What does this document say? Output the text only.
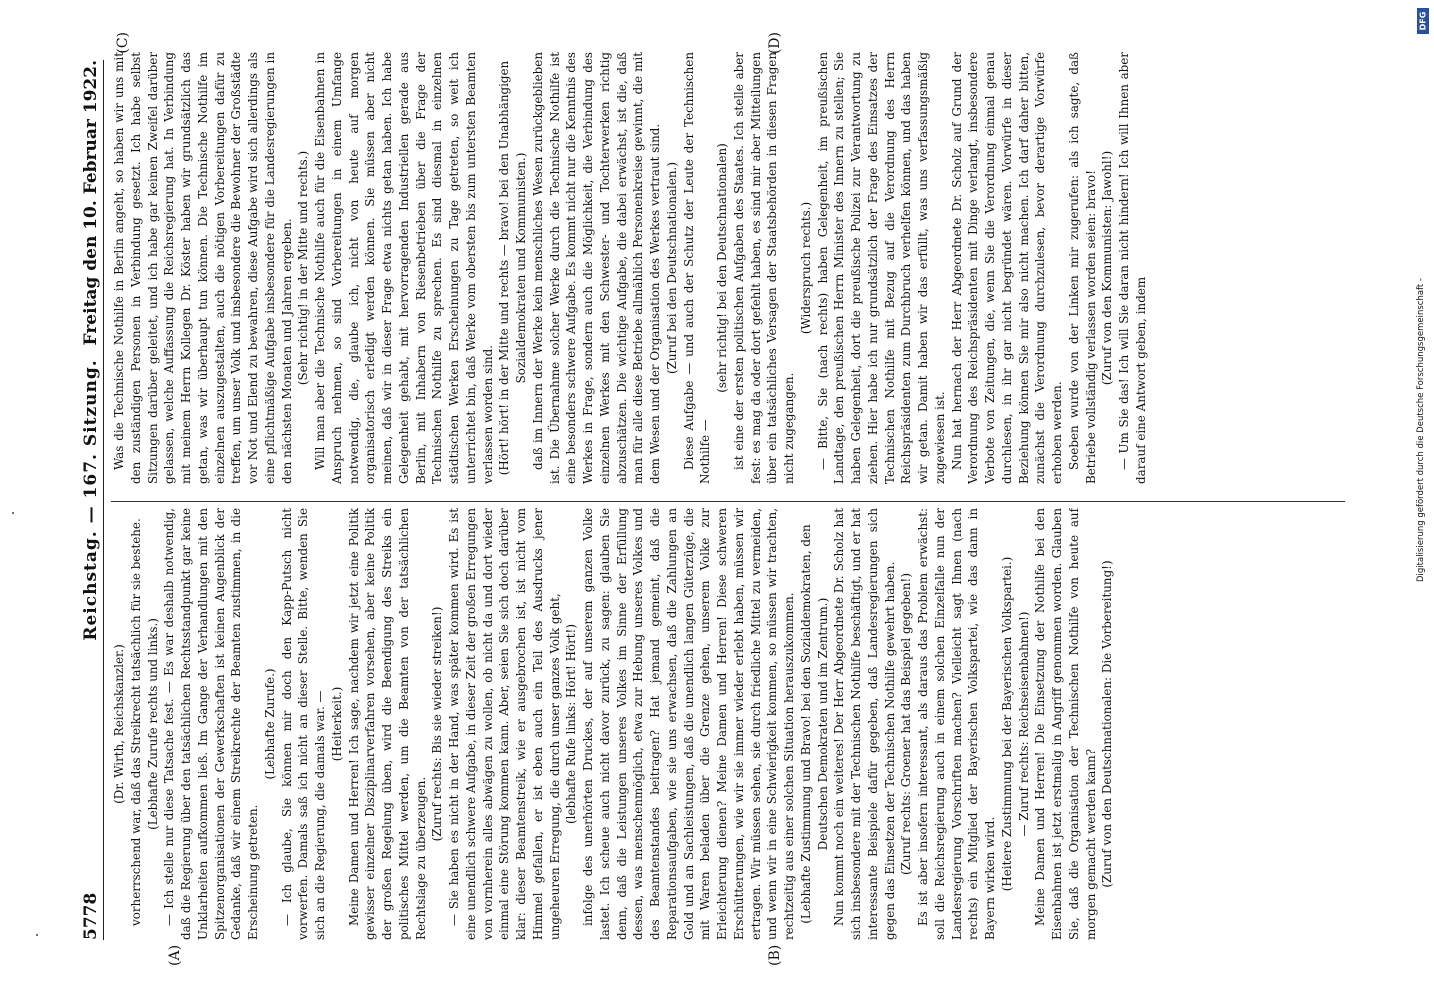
5778
Reichstag. — 167. Sitzung.
Freitag den 10. Februar 1922.
(A)	(B)
(C)	(D)

(Dr. Wirth, Reichskanzler.) vorherrschend war, daß das Streikrecht tatsächlich für sie bestehe. (Lebhafte Zurufe rechts und links.) — Ich stelle nur diese Tatsache fest. — Es war deshalb notwendig, daß die Regierung über den tatsächlichen Rechtsstandpunkt gar keine Unklarheiten aufkommen ließ. Im Gange der Verhandlungen mit den Spitzenorganisationen der Gewerkschaften ist keinen Augenblick der Gedanke, daß wir einem Streikrechte der Beamten zustimmen, in die Erscheinung getreten.

(Lebhafte Zurufe.) — Ich glaube, Sie können mir doch den Kapp-Putsch nicht vorwerfen. Damals saß ich nicht an dieser Stelle. Bitte, wenden Sie sich an die Regierung, die damals war. — (Heiterkeit.) Meine Damen und Herren! Ich sage, nachdem wir jetzt eine Politik gewisser einzelner Disziplinarverfahren vorsehen, aber keine Politik der großen Regelung üben, wird die Beendigung des Streiks ein politisches Mittel werden, um die Beamten von der tatsächlichen Rechtslage zu überzeugen.

(Zuruf rechts: Bis sie wieder streiken!) — Sie haben es nicht in der Hand, was später kommen wird. Es ist eine unendlich schwere Aufgabe, in dieser Zeit der großen Erregungen von vornherein alles abwägen zu wollen, ob nicht da und dort wieder einmal eine Störung kommen kann. Aber, seien Sie sich doch darüber klar: dieser Beamtenstreik, wie er ausgebrochen ist, ist nicht vom Himmel gefallen, er ist eben auch ein Teil des Ausdrucks jener ungeheuren Erregung, die durch unser ganzes Volk geht, (lebhafte Rufe links: Hört! Hört!) infolge des unerhörten Druckes, der auf unserem ganzen Volke lastet. Ich scheue auch nicht davor zurück, zu sagen: glauben Sie denn, daß die Leistungen unseres Volkes im Sinne der Erfüllung dessen, was menschenmöglich, etwa zur Hebung unseres Volkes und des Beamtenstandes beitragen? Hat jemand gemeint, daß die Reparationsaufgaben, wie sie uns erwachsen, daß die Zahlungen an Gold und an Sachleistungen, daß die unendlich langen Güterzüge, die mit Waren beladen über die Grenze gehen, unserem Volke zur Erleichterung dienen? Meine Damen und Herren! Diese schweren Erschütterungen, wie wir sie immer wieder erlebt haben, müssen wir ertragen. Wir müssen sehen, sie durch friedliche Mittel zu vermeiden, und wenn wir in eine Schwierigkeit kommen, so müssen wir trachten, rechtzeitig aus einer solchen Situation herauszukommen. (Lebhafte Zustimmung und Bravo! bei den Sozialdemokraten, den Deutschen Demokraten und im Zentrum.) Nun kommt noch ein weiteres! Der Herr Abgeordnete Dr. Scholz hat sich insbesondere mit der Technischen Nothilfe beschäftigt, und er hat interessante Beispiele dafür gegeben, daß Landesregierungen sich gegen das Einsetzen der Technischen Nothilfe gewehrt haben. (Zuruf rechts: Groener hat das Beispiel gegeben!) Es ist aber insofern interessant, als daraus das Problem erwächst: soll die Reichsregierung auch in einem solchen Einzelfalle nun der Landesregierung Vorschriften machen? Vielleicht sagt Ihnen (nach rechts) ein Mitglied der Bayerischen Volkspartei, wie das dann in Bayern wirken wird. (Heitere Zustimmung bei der Bayerischen Volkspartei.) — Zuruf rechts: Reichseisenbahnen!) Meine Damen und Herren! Die Einsetzung der Nothilfe bei den Eisenbahnen ist jetzt erstmalig in Angriff genommen worden. Glauben Sie, daß die Organisation der Technischen Nothilfe von heute auf morgen gemacht werden kann? (Zuruf von den Deutschnationalen: Die Vorbereitung!)

Was die Technische Nothilfe in Berlin angeht, so haben wir uns mit den zuständigen Personen in Verbindung gesetzt. Ich habe selbst Sitzungen darüber geleitet, und ich habe gar keinen Zweifel darüber gelassen, welche Auffassung die Reichsregierung hat. In Verbindung mit meinem Herrn Kollegen Dr. Köster haben wir grundsätzlich das getan, was wir überhaupt tun können. Die Technische Nothilfe im einzelnen auszugestalten, auch die nötigen Vorbereitungen dafür zu treffen, um unser Volk und insbesondere die Bewohner der Großstädte vor Not und Elend zu bewahren, diese Aufgabe wird sich allerdings als eine pflichtmäßige Aufgabe insbesondere für die Landesregierungen in den nächsten Monaten und Jahren ergeben. (Sehr richtig! in der Mitte und rechts.) Will man aber die Technische Nothilfe auch für die Eisenbahnen in Anspruch nehmen, so sind Vorbereitungen in einem Umfange notwendig, die, glaube ich, nicht von heute auf morgen organisatorisch erledigt werden können. Sie müssen aber nicht meinen, daß wir in dieser Frage etwa nichts getan haben. Ich habe Gelegenheit gehabt, mit hervorragenden Industriellen gerade aus Berlin, mit Inhabern von Riesenbetrieben über die Frage der Technischen Nothilfe zu sprechen. Es sind diesmal in einzelnen städtischen Werken Erscheinungen zu Tage getreten, so weit ich unterrichtet bin, daß Werke vom obersten bis zum untersten Beamten verlassen worden sind. (Hört! hört! in der Mitte und rechts — bravo! bei den Unabhängigen Sozialdemokraten und Kommunisten.) daß im Innern der Werke kein menschliches Wesen zurückgeblieben ist. Die Übernahme solcher Werke durch die Technische Nothilfe ist eine besonders schwere Aufgabe. Es kommt nicht nur die Kenntnis des Werkes in Frage, sondern auch die Möglichkeit, die Verbindung des einzelnen Werkes mit den Schwester- und Tochterwerken richtig abzuschätzen. Die wichtige Aufgabe, die dabei erwächst, ist die, daß man für alle diese Betriebe allmählich Personenkreise gewinnt, die mit dem Wesen und der Organisation des Werkes vertraut sind. (Zuruf bei den Deutschnationalen.) Diese Aufgabe — und auch der Schutz der Leute der Technischen Nothilfe —

(sehr richtig! bei den Deutschnationalen) ist eine der ersten politischen Aufgaben des Staates. Ich stelle aber fest: es mag da oder dort gefehlt haben, es sind mir aber Mitteilungen über ein tatsächliches Versagen der Staatsbehörden in diesen Fragen nicht zugegangen.

(Widerspruch rechts.) — Bitte, Sie (nach rechts) haben Gelegenheit, im preußischen Landtage, den preußischen Herrn Minister des Innern zu stellen; Sie haben Gelegenheit, dort die preußische Polizei zur Verantwortung zu ziehen. Hier habe ich nur grundsätzlich der Frage des Einsatzes der Technischen Nothilfe mit Bezug auf die Verordnung des Herrn Reichspräsidenten zum Durchbruch verhelfen können, und das haben wir getan. Damit haben wir das erfüllt, was uns verfassungsmäßig zugewiesen ist. Nun hat hernach der Herr Abgeordnete Dr. Scholz auf Grund der Verordnung des Reichspräsidenten mit Dinge verlangt, insbesondere Verbote von Zeitungen, die, wenn Sie die Verordnung einmal genau durchlesen, in ihr gar nicht begründet wären. Vorwürfe in dieser Beziehung können Sie mir also nicht machen. Ich darf daher bitten, zunächst die Verordnung durchzulesen, bevor derartige Vorwürfe erhoben werden. Soeben wurde von der Linken mir zugerufen: als ich sagte, daß Betriebe vollständig verlassen worden seien: bravo! (Zuruf von den Kommunisten: Jawohl!) — Um Sie das! Ich will Sie daran nicht hindern! Ich will Ihnen aber darauf eine Antwort geben, indem

DFG
Digitalisierung gefördert durch die Deutsche Forschungsgemeinschaft -
